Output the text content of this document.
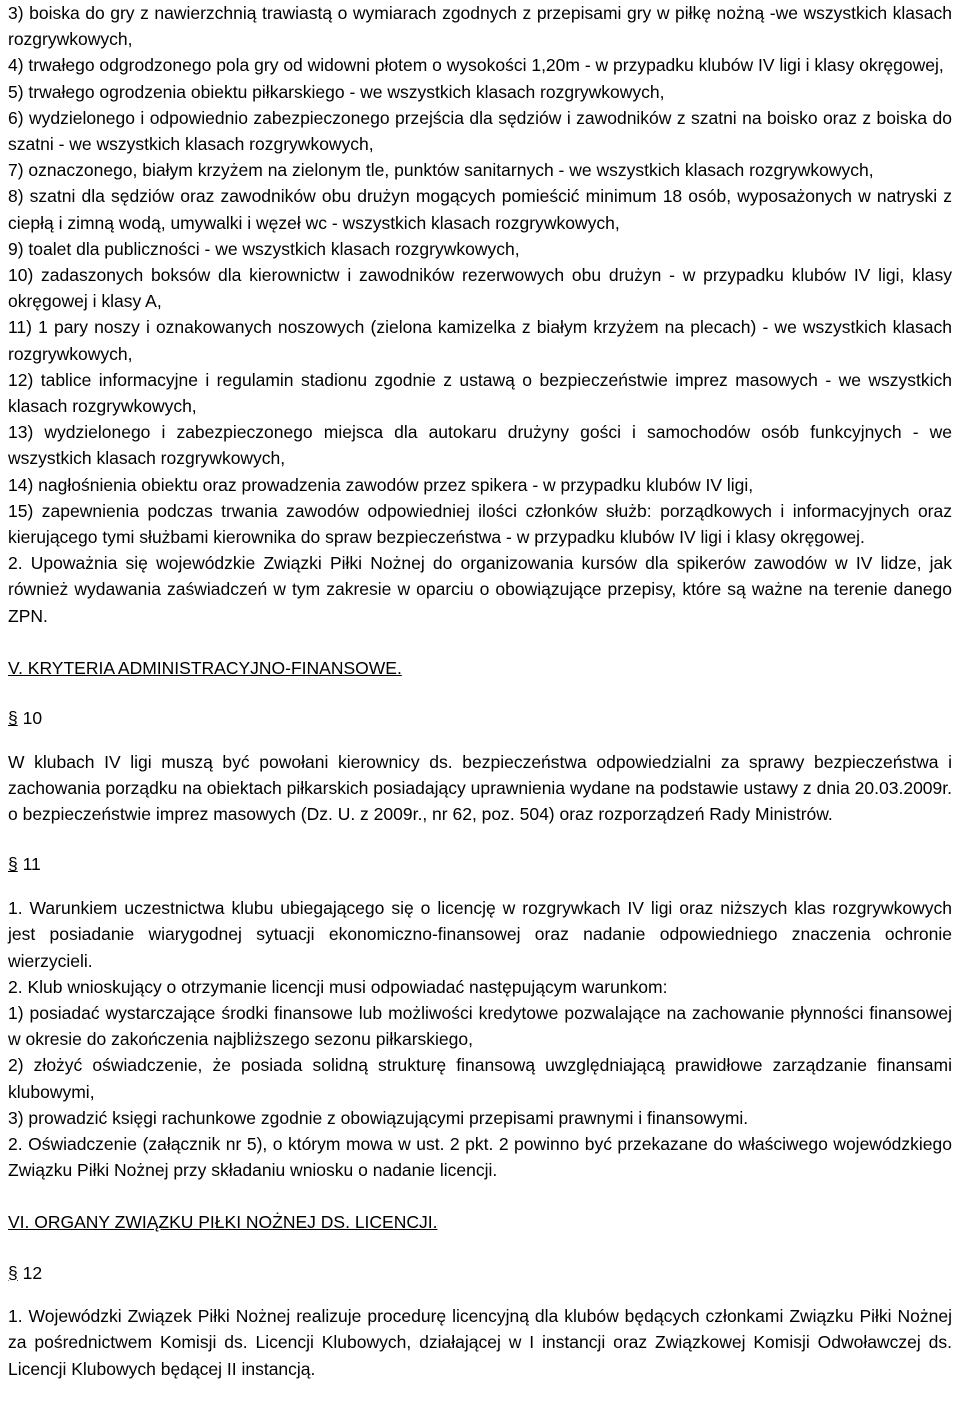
3) boiska do gry z nawierzchnią trawiastą o wymiarach zgodnych z przepisami gry w piłkę nożną -we wszystkich klasach rozgrywkowych,

4) trwałego odgrodzonego pola gry od widowni płotem o wysokości 1,20m - w przypadku klubów IV ligi i klasy okręgowej,

5) trwałego ogrodzenia obiektu piłkarskiego - we wszystkich klasach rozgrywkowych,

6) wydzielonego i odpowiednio zabezpieczonego przejścia dla sędziów i zawodników z szatni na boisko oraz z boiska do szatni - we wszystkich klasach rozgrywkowych,

7) oznaczonego, białym krzyżem na zielonym tle, punktów sanitarnych - we wszystkich klasach rozgrywkowych,

8) szatni dla sędziów oraz zawodników obu drużyn mogących pomieścić minimum 18 osób, wyposażonych w natryski z ciepłą i zimną wodą, umywalki i węzeł wc - wszystkich klasach rozgrywkowych,

9) toalet dla publiczności - we wszystkich klasach rozgrywkowych,

10) zadaszonych boksów dla kierownictw i zawodników rezerwowych obu drużyn - w przypadku klubów IV ligi, klasy okręgowej i klasy A,

11) 1 pary noszy i oznakowanych noszowych (zielona kamizelka z białym krzyżem na plecach) - we wszystkich klasach rozgrywkowych,

12) tablice informacyjne i regulamin stadionu zgodnie z ustawą o bezpieczeństwie imprez masowych - we wszystkich klasach rozgrywkowych,

13) wydzielonego i zabezpieczonego miejsca dla autokaru drużyny gości i samochodów osób funkcyjnych - we wszystkich klasach rozgrywkowych,

14) nagłośnienia obiektu oraz prowadzenia zawodów przez spikera - w przypadku klubów IV ligi,

15) zapewnienia podczas trwania zawodów odpowiedniej ilości członków służb: porządkowych i informacyjnych oraz kierującego tymi służbami kierownika do spraw bezpieczeństwa - w przypadku klubów IV ligi i klasy okręgowej.

2. Upoważnia się wojewódzkie Związki Piłki Nożnej do organizowania kursów dla spikerów zawodów w IV lidze, jak również wydawania zaświadczeń w tym zakresie w oparciu o obowiązujące przepisy, które są ważne na terenie danego ZPN.

V. KRYTERIA ADMINISTRACYJNO-FINANSOWE.

§ 10

W klubach IV ligi muszą być powołani kierownicy ds. bezpieczeństwa odpowiedzialni za sprawy bezpieczeństwa i zachowania porządku na obiektach piłkarskich posiadający uprawnienia wydane na podstawie ustawy z dnia 20.03.2009r. o bezpieczeństwie imprez masowych (Dz. U. z 2009r., nr 62, poz. 504) oraz rozporządzeń Rady Ministrów.

§ 11

1. Warunkiem uczestnictwa klubu ubiegającego się o licencję w rozgrywkach IV ligi oraz niższych klas rozgrywkowych jest posiadanie wiarygodnej sytuacji ekonomiczno-finansowej oraz nadanie odpowiedniego znaczenia ochronie wierzycieli.

2. Klub wnioskujący o otrzymanie licencji musi odpowiadać następującym warunkom:

1) posiadać wystarczające środki finansowe lub możliwości kredytowe pozwalające na zachowanie płynności finansowej w okresie do zakończenia najbliższego sezonu piłkarskiego,

2) złożyć oświadczenie, że posiada solidną strukturę finansową uwzględniającą prawidłowe zarządzanie finansami klubowymi,

3) prowadzić księgi rachunkowe zgodnie z obowiązującymi przepisami prawnymi i finansowymi.

2. Oświadczenie (załącznik nr 5), o którym mowa w ust. 2 pkt. 2 powinno być przekazane do właściwego wojewódzkiego Związku Piłki Nożnej przy składaniu wniosku o nadanie licencji.

VI. ORGANY ZWIĄZKU PIŁKI NOŻNEJ DS. LICENCJI.

§ 12

1. Wojewódzki Związek Piłki Nożnej realizuje procedurę licencyjną dla klubów będących członkami Związku Piłki Nożnej za pośrednictwem Komisji ds. Licencji Klubowych, działającej w I instancji oraz Związkowej Komisji Odwoławczej ds. Licencji Klubowych będącej II instancją.
